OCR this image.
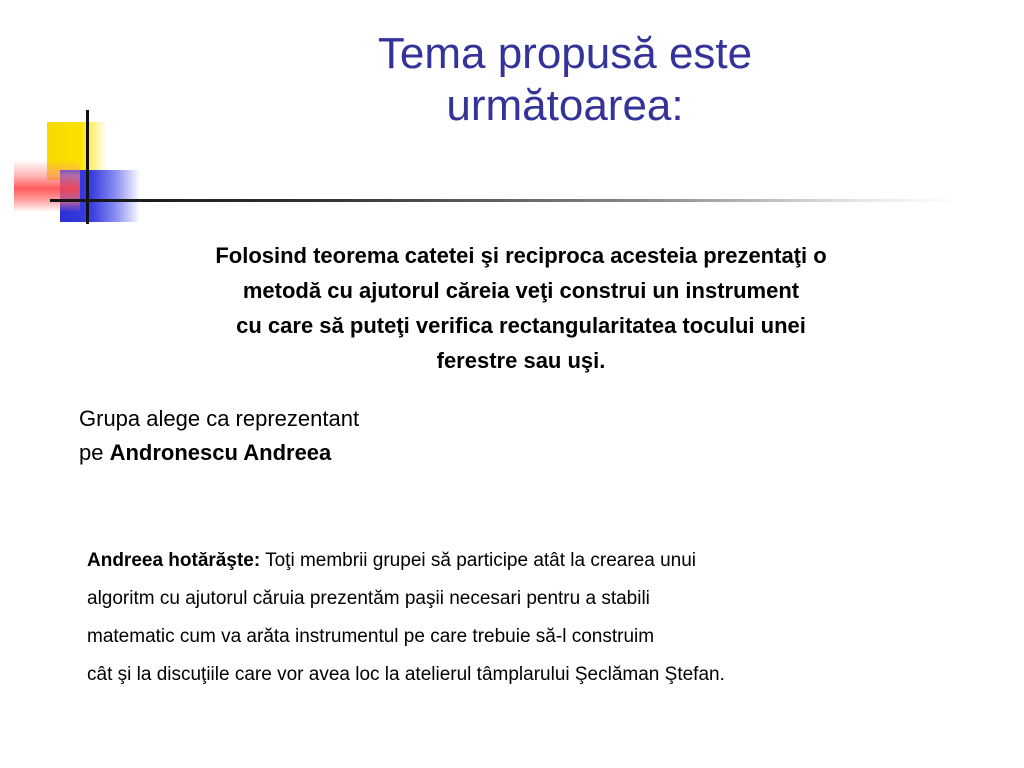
Tema propusă este
următoarea:
Folosind teorema catetei şi reciproca acesteia prezentaţi o
metodă cu ajutorul căreia veţi construi un instrument
cu care să puteţi verifica rectangularitatea tocului unei
ferestre sau uşi.
Grupa alege ca reprezentant
pe Andronescu Andreea
Andreea hotărăşte: Toţi membrii grupei să participe atât la crearea unui
algoritm cu ajutorul căruia prezentăm paşii necesari pentru a stabili
matematic cum va arăta instrumentul pe care trebuie să-l construim
cât şi la discuţiile care vor avea loc la atelierul tâmplarului Şeclăman Ştefan.
